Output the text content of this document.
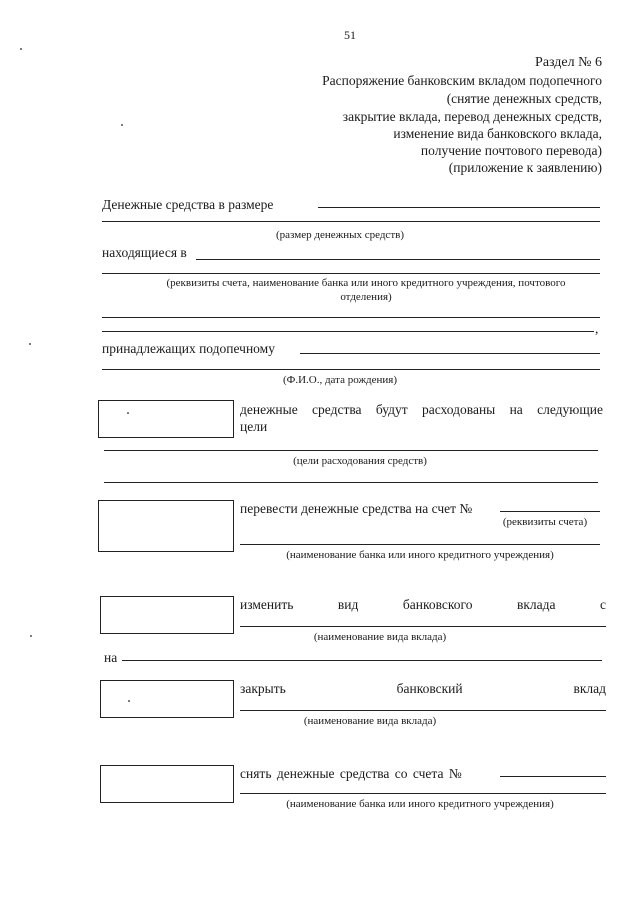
51
Раздел № 6
Распоряжение банковским вкладом подопечного
(снятие денежных средств,
закрытие вклада, перевод денежных средств,
изменение вида банковского вклада,
получение почтового перевода)
(приложение к заявлению)
Денежные средства в размере
(размер денежных средств)
находящиеся в
(реквизиты счета, наименование банка или иного кредитного учреждения, почтового
отделения)
,
принадлежащих подопечному
(Ф.И.О., дата рождения)
денежные средства будут расходованы на следующие
цели
(цели расходования средств)
перевести денежные средства на счет №
(реквизиты счета)
(наименование банка или иного кредитного учреждения)
изменить вид банковского вклада с
(наименование вида вклада)
на
закрыть банковский вклад
(наименование вида вклада)
снять денежные средства со счета №
(наименование банка или иного кредитного учреждения)
